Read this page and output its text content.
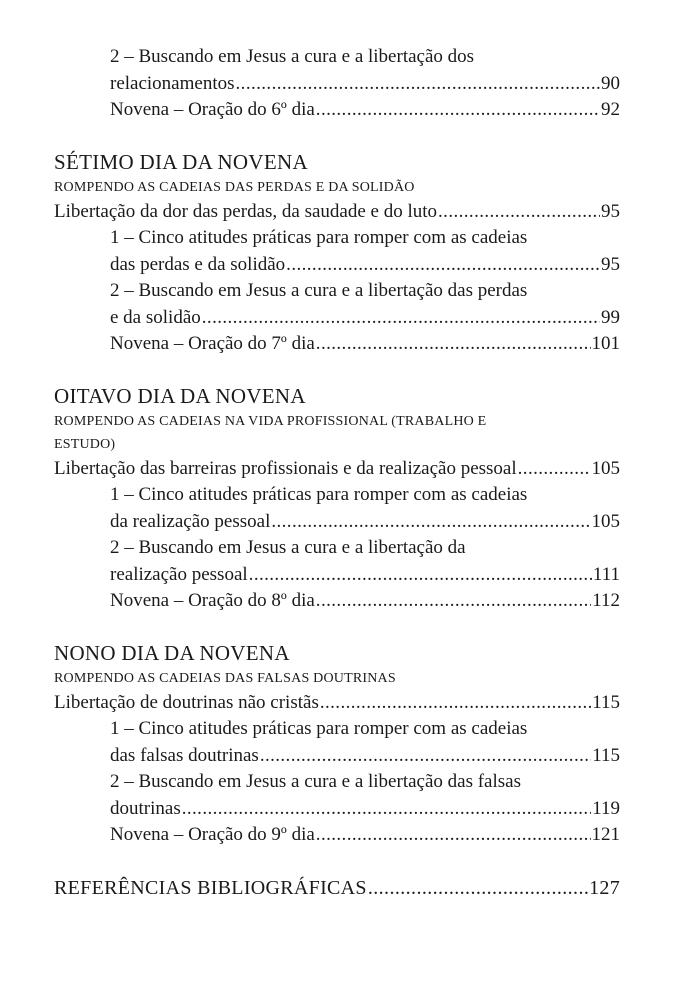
2 – Buscando em Jesus a cura e a libertação dos
relacionamentos .....	90
Novena – Oração do 6º dia .....	92
SÉTIMO DIA DA NOVENA
ROMPENDO AS CADEIAS DAS PERDAS E DA SOLIDÃO
Libertação da dor das perdas, da saudade e do luto .....	95
1 – Cinco atitudes práticas para romper com as cadeias
das perdas e da solidão .....	95
2 – Buscando em Jesus a cura e a libertação das perdas
e da solidão .....	99
Novena – Oração do 7º dia .....	101
OITAVO DIA DA NOVENA
ROMPENDO AS CADEIAS NA VIDA PROFISSIONAL (TRABALHO E
ESTUDO)
Libertação das barreiras profissionais e da realização pessoal .....	105
1 – Cinco atitudes práticas para romper com as cadeias
da realização pessoal .....	105
2 – Buscando em Jesus a cura e a libertação da
realização pessoal .....	111
Novena – Oração do 8º dia .....	112
NONO DIA DA NOVENA
ROMPENDO AS CADEIAS DAS FALSAS DOUTRINAS
Libertação de doutrinas não cristãs .....	115
1 – Cinco atitudes práticas para romper com as cadeias
das falsas doutrinas .....	115
2 – Buscando em Jesus a cura e a libertação das falsas
doutrinas .....	119
Novena – Oração do 9º dia .....	121
REFERÊNCIAS BIBLIOGRÁFICAS .....	127
